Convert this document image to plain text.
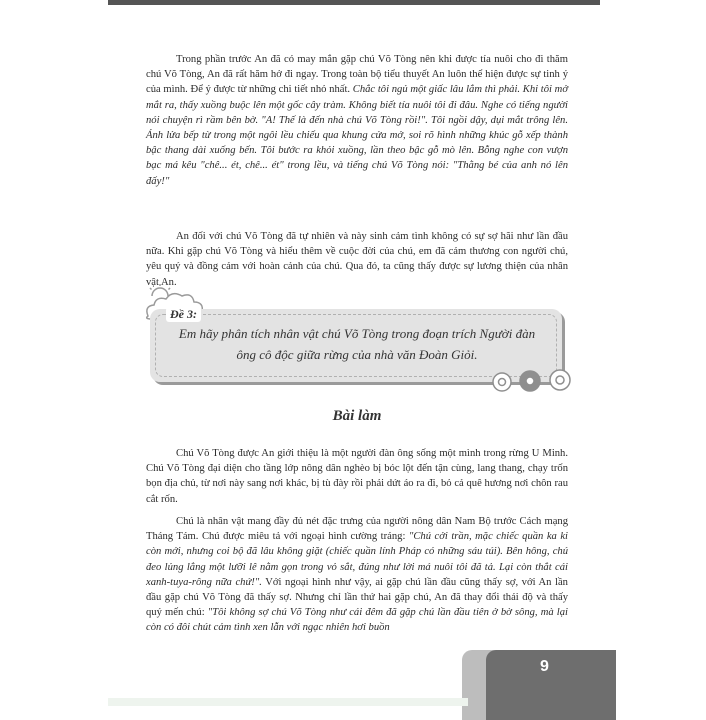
Trong phần trước An đã có may mắn gặp chú Võ Tòng nên khi được tía nuôi cho đi thăm chú Võ Tòng, An đã rất hăm hở đi ngay. Trong toàn bộ tiểu thuyết An luôn thể hiện được sự tinh ý của mình. Để ý được từ những chi tiết nhỏ nhất. Chắc tôi ngủ một giấc lâu lắm thì phải. Khi tôi mở mắt ra, thấy xuồng buộc lên một gốc cây tràm. Không biết tía nuôi tôi đi đâu. Nghe có tiếng người nói chuyện rì rầm bên bờ. "A! Thế là đến nhà chú Võ Tòng rồi!". Tôi ngồi dậy, dụi mắt trông lên. Ánh lửa bếp từ trong một ngôi lều chiếu qua khung cửa mở, soi rõ hình những khúc gỗ xếp thành bậc thang dài xuống bến. Tôi bước ra khỏi xuồng, lần theo bậc gỗ mò lên. Bỗng nghe con vượn bạc má kêu "chê... ét, chê... ét" trong lều, và tiếng chú Võ Tòng nói: "Thằng bé của anh nó lên đấy!"

An đối với chú Võ Tòng đã tự nhiên và này sinh cảm tình không có sự sợ hãi như lần đầu nữa. Khi gặp chú Võ Tòng và hiểu thêm về cuộc đời của chú, em đã cảm thương con người chú, yêu quý và đồng cảm với hoàn cảnh của chú. Qua đó, ta cũng thấy được sự lương thiện của nhân vật An.

Đề 3:
Em hãy phân tích nhân vật chú Võ Tòng trong đoạn trích Người đàn ông cô độc giữa rừng của nhà văn Đoàn Giỏi.
Bài làm

Chú Võ Tòng được An giới thiệu là một người đàn ông sống một mình trong rừng U Minh. Chú Võ Tòng đại diện cho tầng lớp nông dân nghèo bị bóc lột đến tận cùng, lang thang, chạy trốn bọn địa chủ, từ nơi này sang nơi khác, bị tù đày rồi phải dứt áo ra đi, bỏ cả quê hương nơi chôn rau cắt rốn.

Chú là nhân vật mang đầy đủ nét đặc trưng của người nông dân Nam Bộ trước Cách mạng Tháng Tám. Chú được miêu tả với ngoại hình cường tráng: "Chú cởi trần, mặc chiếc quần ka ki còn mới, nhưng coi bộ đã lâu không giặt (chiếc quần lính Pháp có những sáu túi). Bên hông, chú đeo lủng lẳng một lưỡi lê nằm gọn trong vỏ sắt, đúng như lời má nuôi tôi đã tả. Lại còn thắt cái xanh-tuya-rông nữa chứ!". Với ngoại hình như vậy, ai gặp chú lần đầu cũng thấy sợ, với An lần đầu gặp chú Võ Tòng đã thấy sợ. Nhưng chỉ lần thứ hai gặp chú, An đã thay đổi thái độ và thấy quý mến chú: "Tôi không sợ chú Võ Tòng như cái đêm đã gặp chú lần đầu tiên ở bờ sông, mà lại còn có đôi chút cảm tình xen lẫn với ngạc nhiên hơi buồn

9
